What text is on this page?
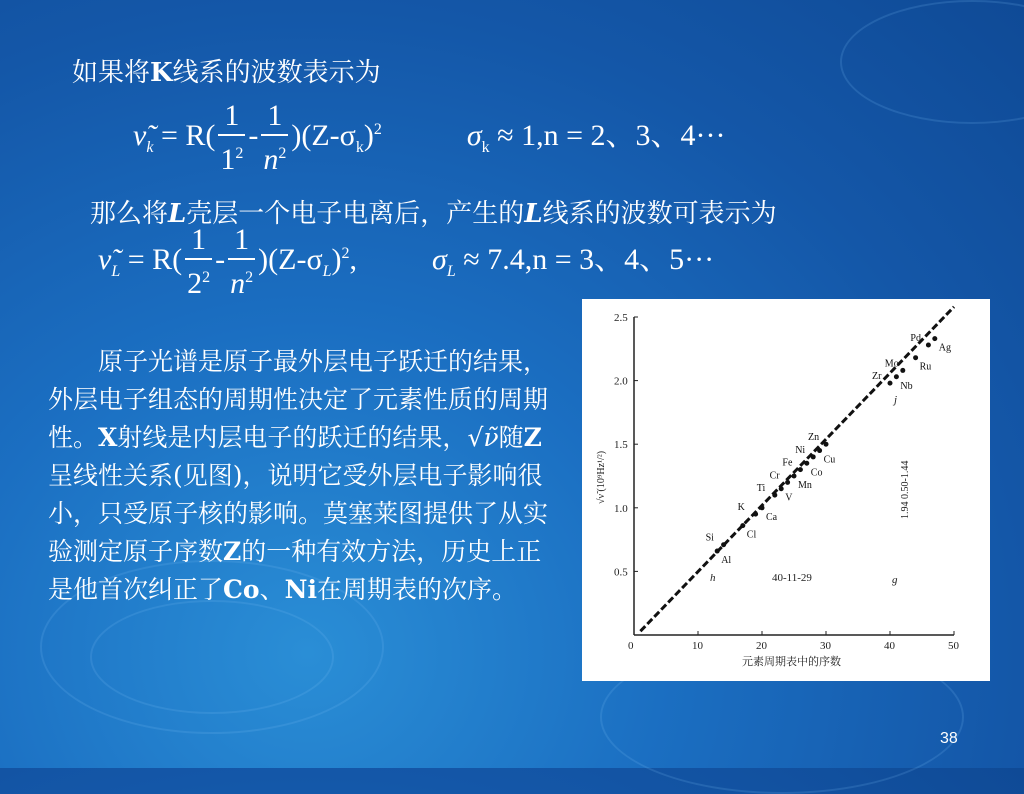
如果将K线系的波数表示为
$\nũ_k = R( \frac{1}{1^2} - \frac{1}{n^2} )(Z-\sigma_k)^2$	$\sigma_k \approx 1,n = 2$、3、4···
那么将L壳层一个电子电离后，产生的L线系的波数可表示为
$\nũ_L = R( \frac{1}{2^2} - \frac{1}{n^2} )(Z-\sigma_L)^2$,	$\sigma_L \approx 7.4,n = 3$、4、5···
原子光谱是原子最外层电子跃迁的结果，外层电子组态的周期性决定了元素性质的周期性。X射线是内层电子的跃迁的结果，√ν̃随Z呈线性关系(见图)，说明它受外层电子影响很小，只受原子核的影响。莫塞莱图提供了从实验测定原子序数Z的一种有效方法，历史上正是他首次纠正了Co、Ni在周期表的次序。
0	10	20	30	40	50
0.5
1.0
1.5
2.0
2.5
Al
Si	Cl
K
Ca
Ti
V
Cr
Mn
Fe
Co
Ni
Cu
Zn
Zr
Nb
Mo Ru
Pd
Ag
√ν̃ (10⁹Hz¹/²)
元素周期表中的序数
h
j
40-11-29	g
1.94 0.50-1.44
38
